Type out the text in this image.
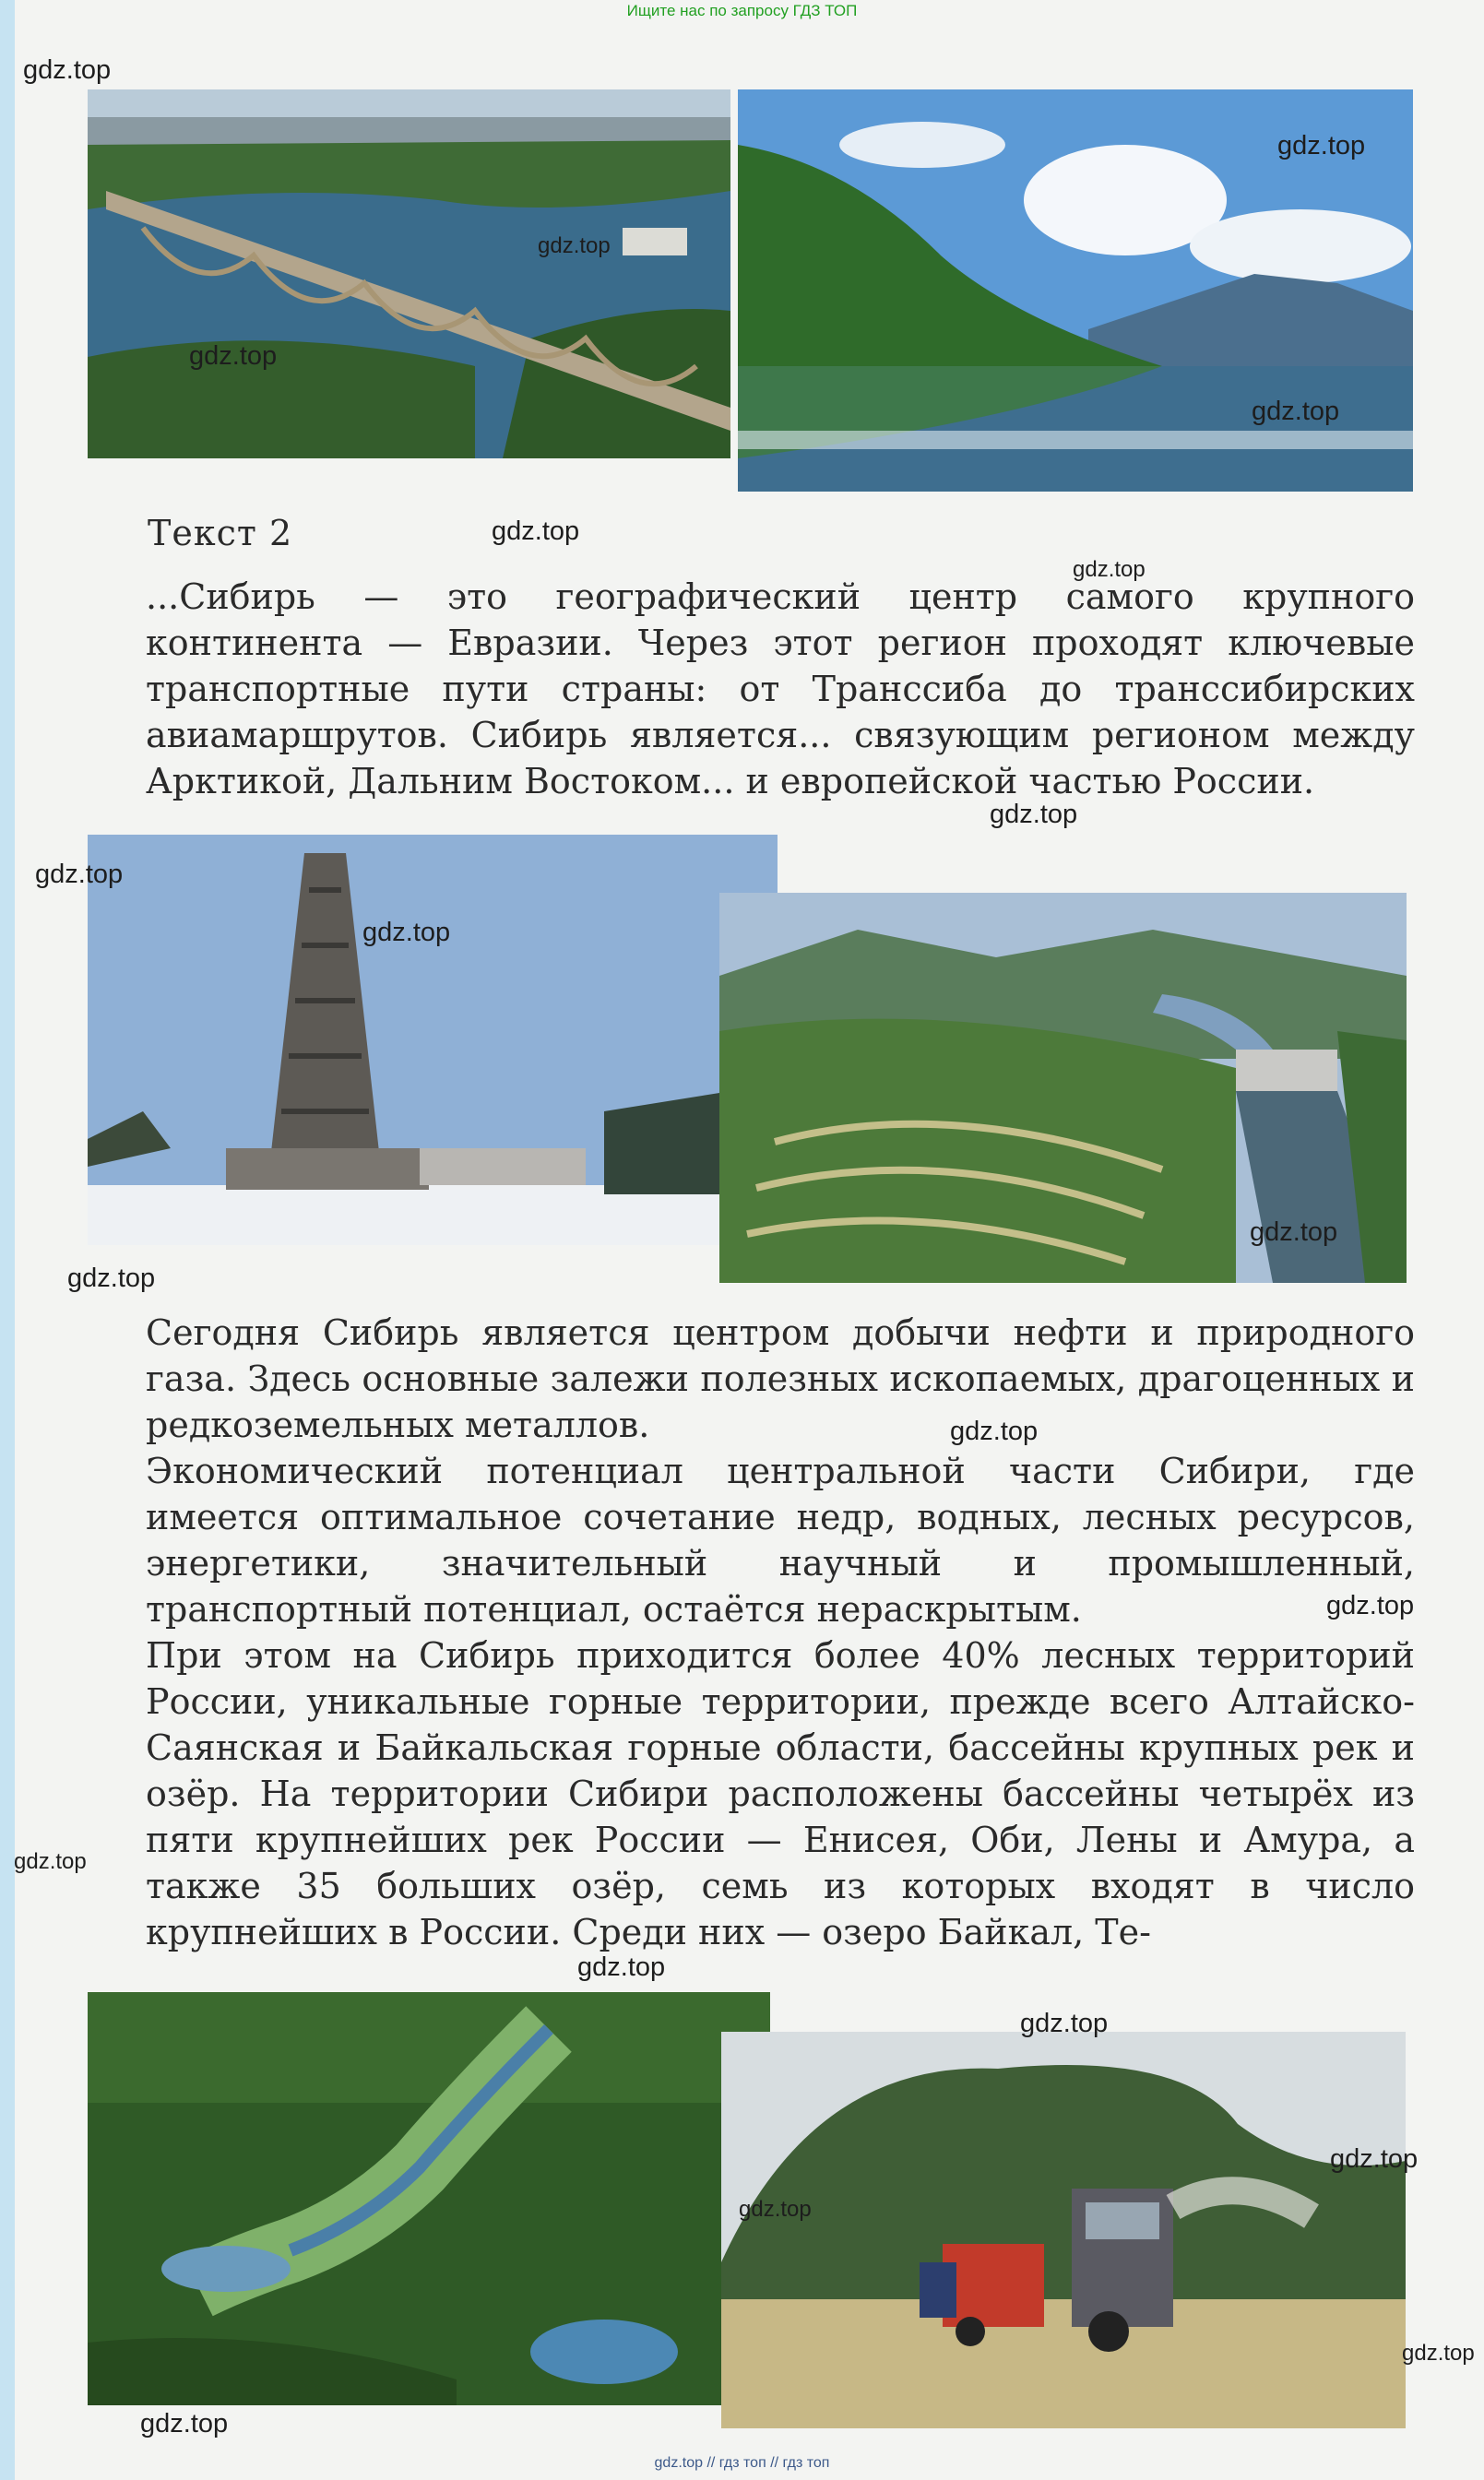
Ищите нас по запросу ГДЗ ТОП
Текст 2

...Сибирь — это географический центр самого крупного континента — Евразии. Через этот регион проходят ключевые транспортные пути страны: от Транссиба до транссибирских авиамаршрутов. Сибирь является... связующим регионом между Арктикой, Дальним Востоком... и европейской частью России.

Сегодня Сибирь является центром добычи нефти и природного газа. Здесь основные залежи полезных ископаемых, драгоценных и редкоземельных металлов.

Экономический потенциал центральной части Сибири, где имеется оптимальное сочетание недр, водных, лесных ресурсов, энергетики, значительный научный и промышленный, транспортный потенциал, остаётся нераскрытым.

При этом на Сибирь приходится более 40% лесных территорий России, уникальные горные территории, прежде всего Алтайско-Саянская и Байкальская горные области, бассейны крупных рек и озёр. На территории Сибири расположены бассейны четырёх из пяти крупнейших рек России — Енисея, Оби, Лены и Амура, а также 35 больших озёр, семь из которых входят в число крупнейших в России. Среди них — озеро Байкал, Те-

gdz.top
gdz.top
gdz.top
gdz.top
gdz.top
gdz.top
gdz.top
gdz.top
gdz.top
gdz.top
gdz.top
gdz.top
gdz.top
gdz.top
gdz.top
gdz.top
gdz.top
gdz.top
gdz.top
gdz.top
gdz.top
gdz.top // гдз топ // гдз топ
